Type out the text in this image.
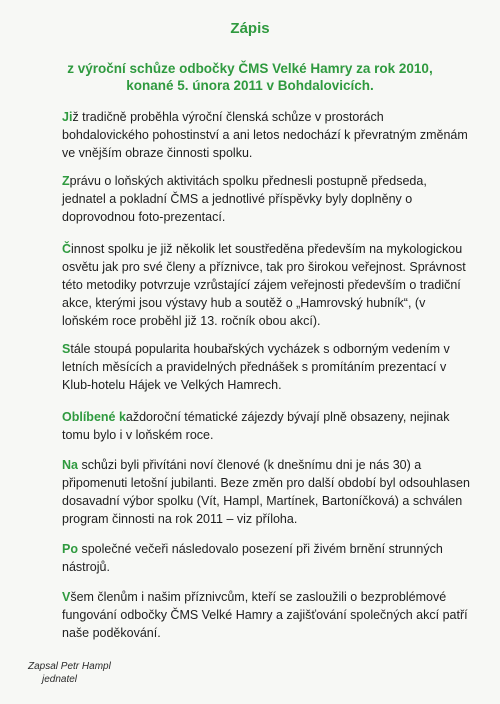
Zápis
z výroční schůze odbočky ČMS Velké Hamry za rok 2010,
konané 5. února 2011 v Bohdalovicích.

Již tradičně proběhla výroční členská schůze v prostorách bohdalovického pohostinství a ani letos nedochází k převratným změnám ve vnějším obraze činnosti spolku.

Zprávu o loňských aktivitách spolku přednesli postupně předseda, jednatel a pokladní ČMS a jednotlivé příspěvky byly doplněny o doprovodnou foto-prezentací.

Činnost spolku je již několik let soustředěna především na mykologickou osvětu jak pro své členy a příznivce, tak pro širokou veřejnost. Správnost této metodiky potvrzuje vzrůstající zájem veřejnosti především o tradiční akce, kterými jsou výstavy hub a soutěž o „Hamrovský hubník“, (v loňském roce proběhl již 13. ročník obou akcí).

Stále stoupá popularita houbařských vycházek s odborným vedením v letních měsících a pravidelných přednášek s promítáním prezentací v Klub-hotelu Hájek ve Velkých Hamrech.

Oblíbené každoroční tématické zájezdy bývají plně obsazeny, nejinak tomu bylo i v loňském roce.

Na schůzi byli přivítáni noví členové (k dnešnímu dni je nás 30) a připomenuti letošní jubilanti. Beze změn pro další období byl odsouhlasen dosavadní výbor spolku (Vít, Hampl, Martínek, Bartoníčková) a schválen program činnosti na rok 2011 – viz příloha.

Po společné večeři následovalo posezení při živém brnění strunných nástrojů.

Všem členům i našim příznivcům, kteří se zasloužili o bezproblémové fungování odbočky ČMS Velké Hamry a zajišťování společných akcí patří naše poděkování.

Zapsal Petr Hampl
jednatel
